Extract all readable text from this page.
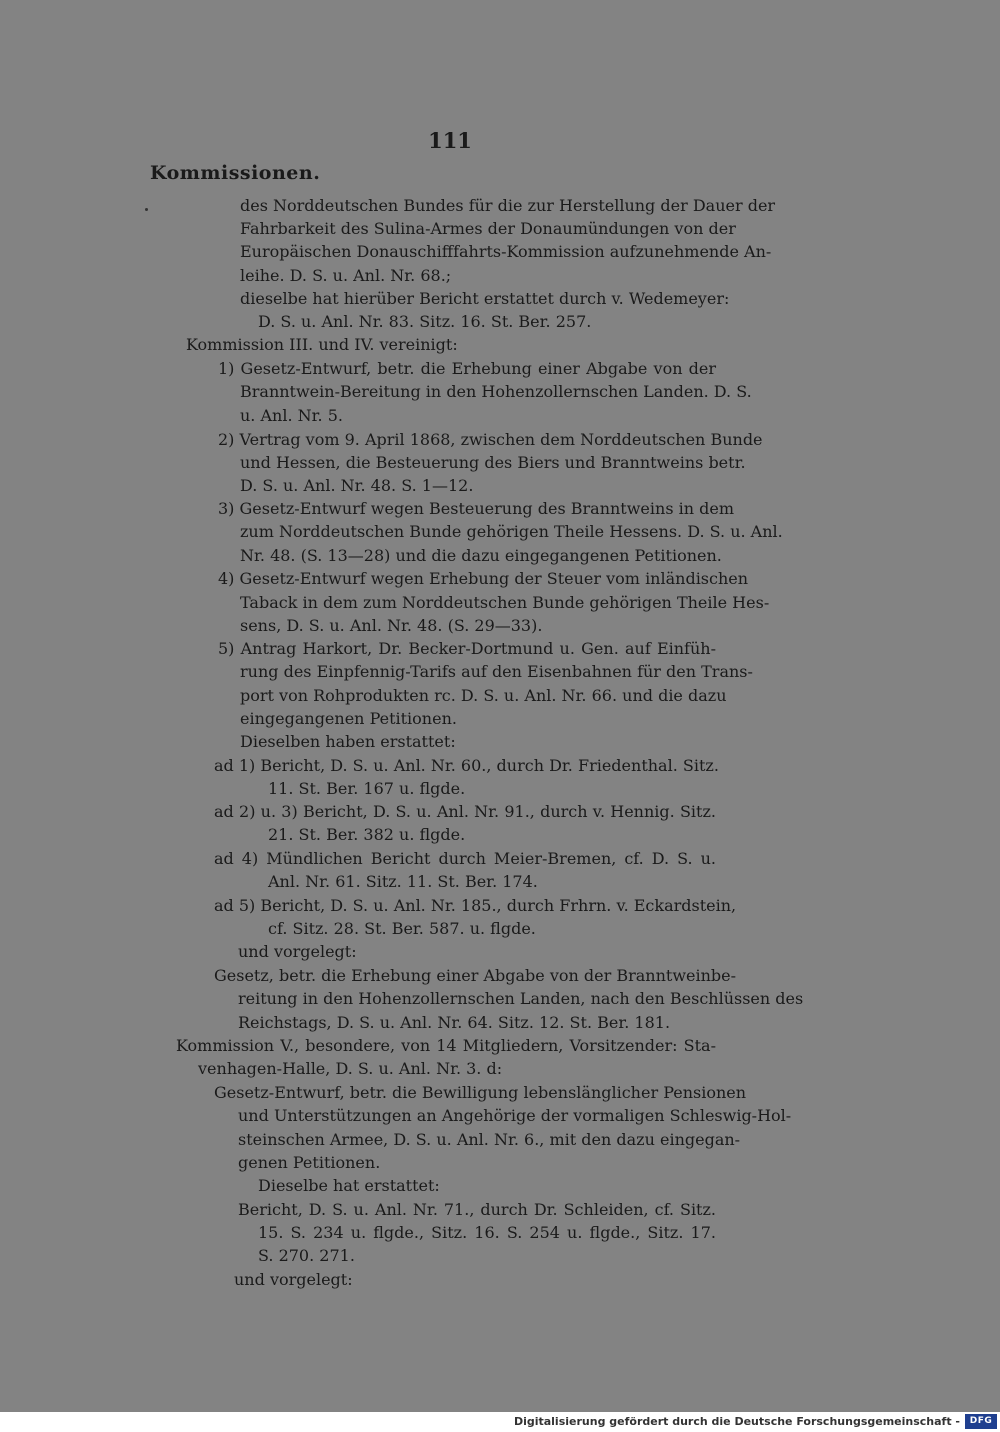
111
Kommissionen.
des Norddeutschen Bundes für die zur Herstellung der Dauer der
Fahrbarkeit des Sulina-Armes der Donaumündungen von der
Europäischen Donauschifffahrts-Kommission aufzunehmende An-
leihe. D. S. u. Anl. Nr. 68.;
dieselbe hat hierüber Bericht erstattet durch v. Wedemeyer:
D. S. u. Anl. Nr. 83. Sitz. 16. St. Ber. 257.
Kommission III. und IV. vereinigt:
1) Gesetz-Entwurf, betr. die Erhebung einer Abgabe von der
Branntwein-Bereitung in den Hohenzollernschen Landen. D. S.
u. Anl. Nr. 5.
2) Vertrag vom 9. April 1868, zwischen dem Norddeutschen Bunde
und Hessen, die Besteuerung des Biers und Branntweins betr.
D. S. u. Anl. Nr. 48. S. 1—12.
3) Gesetz-Entwurf wegen Besteuerung des Branntweins in dem
zum Norddeutschen Bunde gehörigen Theile Hessens. D. S. u. Anl.
Nr. 48. (S. 13—28) und die dazu eingegangenen Petitionen.
4) Gesetz-Entwurf wegen Erhebung der Steuer vom inländischen
Taback in dem zum Norddeutschen Bunde gehörigen Theile Hes-
sens, D. S. u. Anl. Nr. 48. (S. 29—33).
5) Antrag Harkort, Dr. Becker-Dortmund u. Gen. auf Einfüh-
rung des Einpfennig-Tarifs auf den Eisenbahnen für den Trans-
port von Rohprodukten rc. D. S. u. Anl. Nr. 66. und die dazu
eingegangenen Petitionen.
Dieselben haben erstattet:
ad 1) Bericht, D. S. u. Anl. Nr. 60., durch Dr. Friedenthal. Sitz.
11. St. Ber. 167 u. flgde.
ad 2) u. 3) Bericht, D. S. u. Anl. Nr. 91., durch v. Hennig. Sitz.
21. St. Ber. 382 u. flgde.
ad 4) Mündlichen Bericht durch Meier-Bremen, cf. D. S. u.
Anl. Nr. 61. Sitz. 11. St. Ber. 174.
ad 5) Bericht, D. S. u. Anl. Nr. 185., durch Frhrn. v. Eckardstein,
cf. Sitz. 28. St. Ber. 587. u. flgde.
und vorgelegt:
Gesetz, betr. die Erhebung einer Abgabe von der Branntweinbe-
reitung in den Hohenzollernschen Landen, nach den Beschlüssen des
Reichstags, D. S. u. Anl. Nr. 64. Sitz. 12. St. Ber. 181.
Kommission V., besondere, von 14 Mitgliedern, Vorsitzender: Sta-
venhagen-Halle, D. S. u. Anl. Nr. 3. d:
Gesetz-Entwurf, betr. die Bewilligung lebenslänglicher Pensionen
und Unterstützungen an Angehörige der vormaligen Schleswig-Hol-
steinschen Armee, D. S. u. Anl. Nr. 6., mit den dazu eingegan-
genen Petitionen.
Dieselbe hat erstattet:
Bericht, D. S. u. Anl. Nr. 71., durch Dr. Schleiden, cf. Sitz.
15. S. 234 u. flgde., Sitz. 16. S. 254 u. flgde., Sitz. 17.
S. 270. 271.
und vorgelegt:
Digitalisierung gefördert durch die Deutsche Forschungsgemeinschaft -	DFG
